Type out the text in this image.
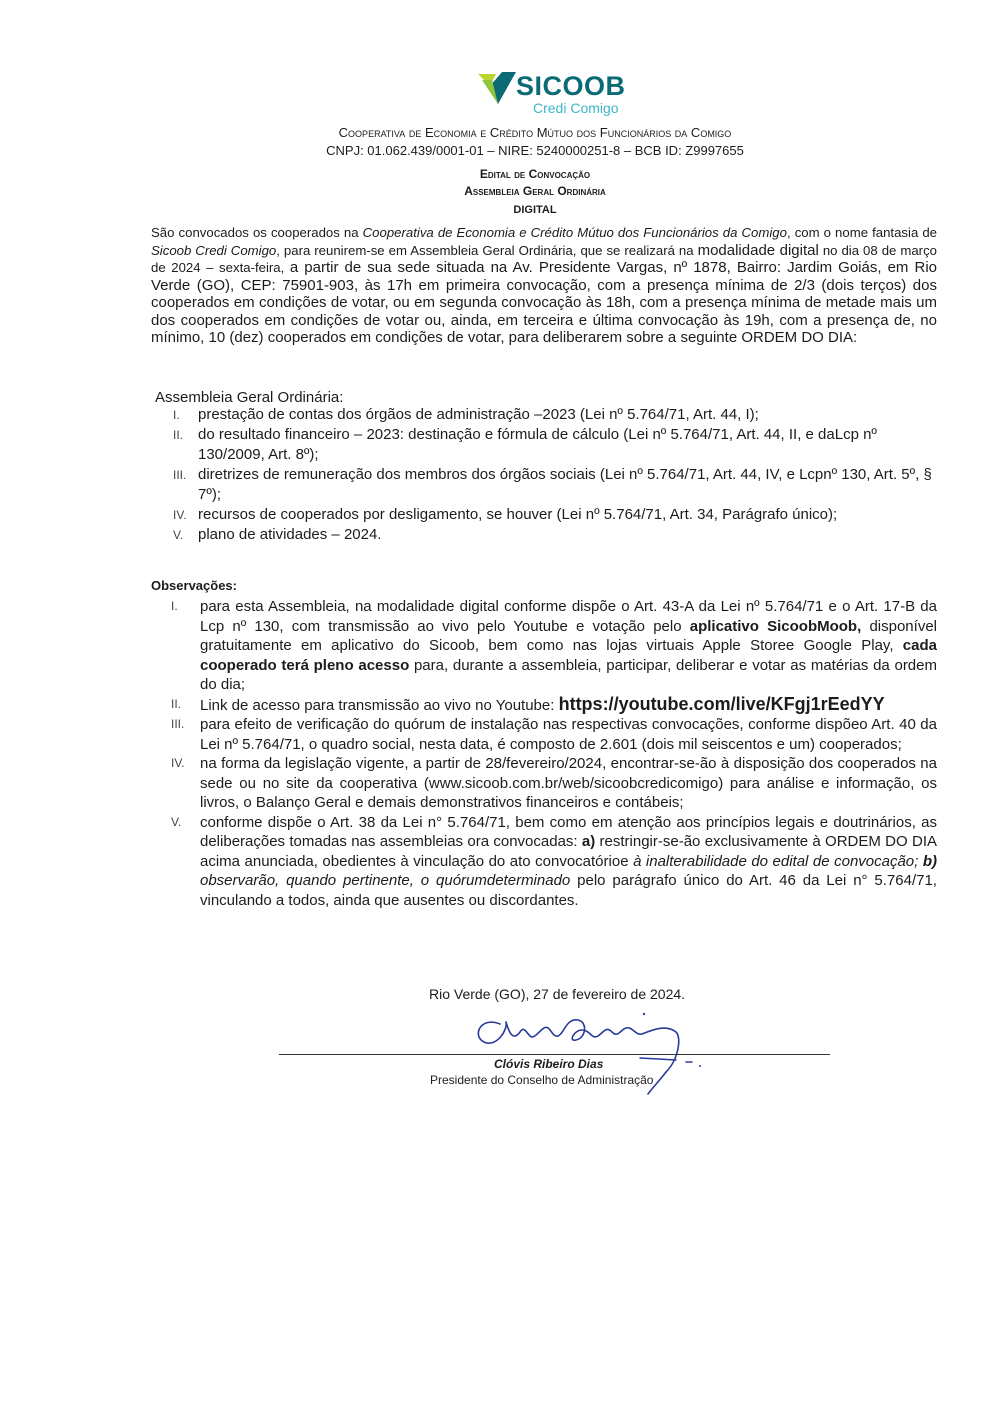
SICOOB
Credi Comigo
Cooperativa de Economia e Crédito Mútuo dos Funcionários da Comigo
CNPJ: 01.062.439/0001-01 – NIRE: 5240000251-8 – BCB ID: Z9997655
Edital de Convocação
Assembleia Geral Ordinária
DIGITAL
São convocados os cooperados na Cooperativa de Economia e Crédito Mútuo dos Funcionários da Comigo, com o nome fantasia de Sicoob Credi Comigo, para reunirem-se em Assembleia Geral Ordinária, que se realizará na modalidade digital no dia 08 de março de 2024 – sexta-feira, a partir de sua sede situada na Av. Presidente Vargas, nº 1878, Bairro: Jardim Goiás, em Rio Verde (GO), CEP: 75901-903, às 17h em primeira convocação, com a presença mínima de 2/3 (dois terços) dos cooperados em condições de votar, ou em segunda convocação às 18h, com a presença mínima de metade mais um dos cooperados em condições de votar ou, ainda, em terceira e última convocação às 19h, com a presença de, no mínimo, 10 (dez) cooperados em condições de votar, para deliberarem sobre a seguinte ORDEM DO DIA:
Assembleia Geral Ordinária:
I. prestação de contas dos órgãos de administração –2023 (Lei nº 5.764/71, Art. 44, I);
II. do resultado financeiro – 2023: destinação e fórmula de cálculo (Lei nº 5.764/71, Art. 44, II, e daLcp nº 130/2009, Art. 8º);
III. diretrizes de remuneração dos membros dos órgãos sociais (Lei nº 5.764/71, Art. 44, IV, e Lcpnº 130, Art. 5º, § 7º);
IV. recursos de cooperados por desligamento, se houver (Lei nº 5.764/71, Art. 34, Parágrafo único);
V. plano de atividades – 2024.
Observações:
I. para esta Assembleia, na modalidade digital conforme dispõe o Art. 43-A da Lei nº 5.764/71 e o Art. 17-B da Lcp nº 130, com transmissão ao vivo pelo Youtube e votação pelo aplicativo SicoobMoob, disponível gratuitamente em aplicativo do Sicoob, bem como nas lojas virtuais Apple Storee Google Play, cada cooperado terá pleno acesso para, durante a assembleia, participar, deliberar e votar as matérias da ordem do dia;
II. Link de acesso para transmissão ao vivo no Youtube: https://youtube.com/live/KFgj1rEedYY
III. para efeito de verificação do quórum de instalação nas respectivas convocações, conforme dispõeo Art. 40 da Lei nº 5.764/71, o quadro social, nesta data, é composto de 2.601 (dois mil seiscentos e um) cooperados;
IV. na forma da legislação vigente, a partir de 28/fevereiro/2024, encontrar-se-ão à disposição dos cooperados na sede ou no site da cooperativa (www.sicoob.com.br/web/sicoobcredicomigo) para análise e informação, os livros, o Balanço Geral e demais demonstrativos financeiros e contábeis;
V. conforme dispõe o Art. 38 da Lei n° 5.764/71, bem como em atenção aos princípios legais e doutrinários, as deliberações tomadas nas assembleias ora convocadas: a) restringir-se-ão exclusivamente à ORDEM DO DIA acima anunciada, obedientes à vinculação do ato convocatórioe à inalterabilidade do edital de convocação; b) observarão, quando pertinente, o quórumdeterminado pelo parágrafo único do Art. 46 da Lei n° 5.764/71, vinculando a todos, ainda que ausentes ou discordantes.
Rio Verde (GO), 27 de fevereiro de 2024.
Clóvis Ribeiro Dias
Presidente do Conselho de Administração
